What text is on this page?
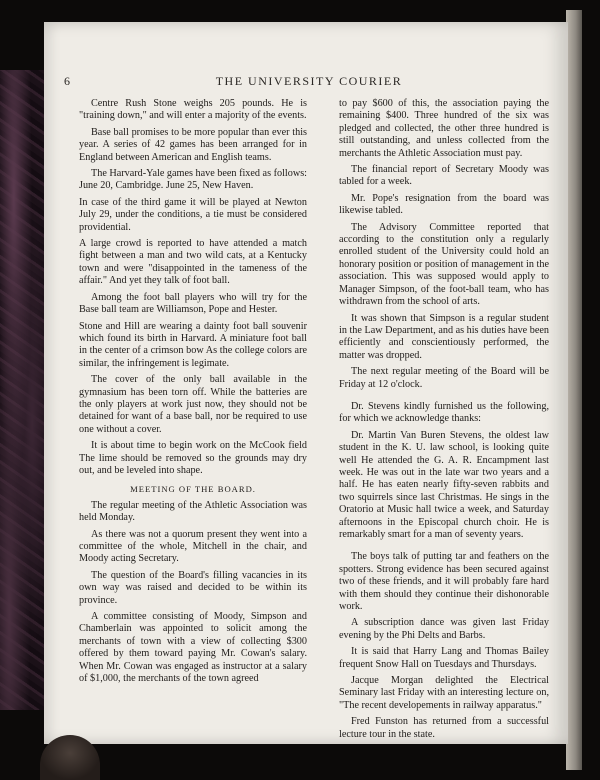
6	THE UNIVERSITY COURIER

Centre Rush Stone weighs 205 pounds. He is "training down," and will enter a majority of the events.

Base ball promises to be more popular than ever this year. A series of 42 games has been arranged for in England between American and English teams.

The Harvard-Yale games have been fixed as follows: June 20, Cambridge. June 25, New Haven.

In case of the third game it will be played at Newton July 29, under the conditions, a tie must be considered providential.

A large crowd is reported to have attended a match fight between a man and two wild cats, at a Kentucky town and were "disappointed in the tameness of the affair." And yet they talk of foot ball.

Among the foot ball players who will try for the Base ball team are Williamson, Pope and Hester.

Stone and Hill are wearing a dainty foot ball souvenir which found its birth in Harvard. A miniature foot ball in the center of a crimson bow As the college colors are similar, the infringement is legimate.

The cover of the only ball available in the gymnasium has been torn off. While the batteries are the only players at work just now, they should not be detained for want of a base ball, nor be required to use one without a cover.

It is about time to begin work on the McCook field The lime should be removed so the grounds may dry out, and be leveled into shape.

MEETING OF THE BOARD.

The regular meeting of the Athletic Association was held Monday.

As there was not a quorum present they went into a committee of the whole, Mitchell in the chair, and Moody acting Secretary.

The question of the Board's filling vacancies in its own way was raised and decided to be within its province.

A committee consisting of Moody, Simpson and Chamberlain was appointed to solicit among the merchants of town with a view of collecting $300 offered by them toward paying Mr. Cowan's salary. When Mr. Cowan was engaged as instructor at a salary of $1,000, the merchants of the town agreed

to pay $600 of this, the association paying the remaining $400. Three hundred of the six was pledged and collected, the other three hundred is still outstanding, and unless collected from the merchants the Athletic Association must pay.

The financial report of Secretary Moody was tabled for a week.

Mr. Pope's resignation from the board was likewise tabled.

The Advisory Committee reported that according to the constitution only a regularly enrolled student of the University could hold an honorary position or position of management in the association. This was supposed would apply to Manager Simpson, of the foot-ball team, who has withdrawn from the school of arts.

It was shown that Simpson is a regular student in the Law Department, and as his duties have been efficiently and conscientiously performed, the matter was dropped.

The next regular meeting of the Board will be Friday at 12 o'clock.

Dr. Stevens kindly furnished us the following, for which we acknowledge thanks:

Dr. Martin Van Buren Stevens, the oldest law student in the K. U. law school, is looking quite well He attended the G. A. R. Encampment last week. He was out in the late war two years and a half. He has eaten nearly fifty-seven rabbits and two squirrels since last Christmas. He sings in the Oratorio at Music hall twice a week, and Saturday afternoons in the Episcopal church choir. He is remarkably smart for a man of seventy years.

The boys talk of putting tar and feathers on the spotters. Strong evidence has been secured against two of these friends, and it will probably fare hard with them should they continue their dishonorable work.

A subscription dance was given last Friday evening by the Phi Delts and Barbs.

It is said that Harry Lang and Thomas Bailey frequent Snow Hall on Tuesdays and Thursdays.

Jacque Morgan delighted the Electrical Seminary last Friday with an interesting lecture on, "The recent developements in railway apparatus."

Fred Funston has returned from a successful lecture tour in the state.
